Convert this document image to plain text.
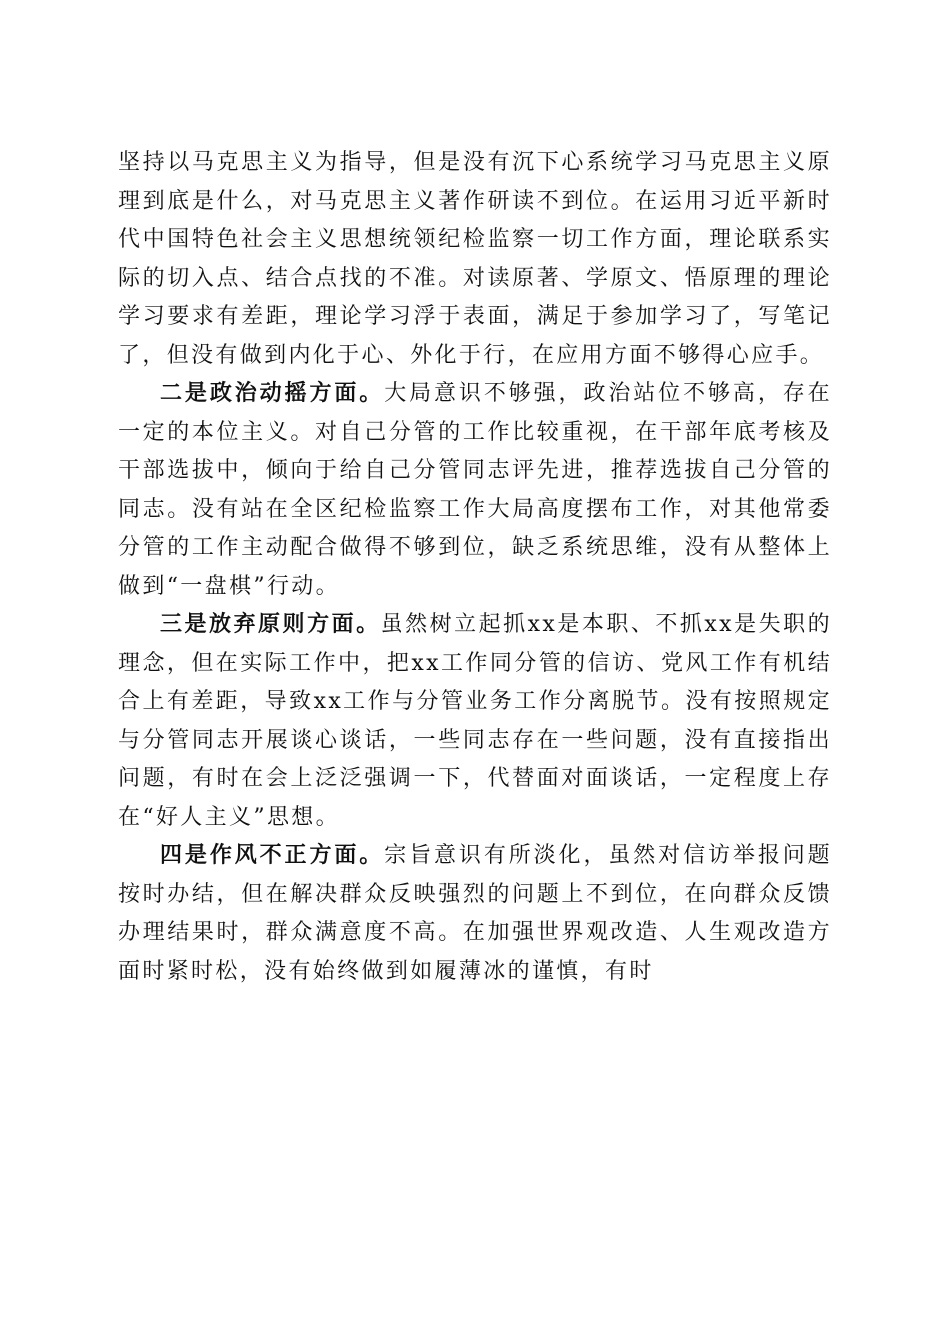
坚持以马克思主义为指导，但是没有沉下心系统学习马克思主义原理到底是什么，对马克思主义著作研读不到位。在运用习近平新时代中国特色社会主义思想统领纪检监察一切工作方面，理论联系实际的切入点、结合点找的不准。对读原著、学原文、悟原理的理论学习要求有差距，理论学习浮于表面，满足于参加学习了，写笔记了，但没有做到内化于心、外化于行，在应用方面不够得心应手。

二是政治动摇方面。大局意识不够强，政治站位不够高，存在一定的本位主义。对自己分管的工作比较重视，在干部年底考核及干部选拔中，倾向于给自己分管同志评先进，推荐选拔自己分管的同志。没有站在全区纪检监察工作大局高度摆布工作，对其他常委分管的工作主动配合做得不够到位，缺乏系统思维，没有从整体上做到“一盘棋”行动。

三是放弃原则方面。虽然树立起抓xx是本职、不抓xx是失职的理念，但在实际工作中，把xx工作同分管的信访、党风工作有机结合上有差距，导致xx工作与分管业务工作分离脱节。没有按照规定与分管同志开展谈心谈话，一些同志存在一些问题，没有直接指出问题，有时在会上泛泛强调一下，代替面对面谈话，一定程度上存在“好人主义”思想。

四是作风不正方面。宗旨意识有所淡化，虽然对信访举报问题按时办结，但在解决群众反映强烈的问题上不到位，在向群众反馈办理结果时，群众满意度不高。在加强世界观改造、人生观改造方面时紧时松，没有始终做到如履薄冰的谨慎，有时
